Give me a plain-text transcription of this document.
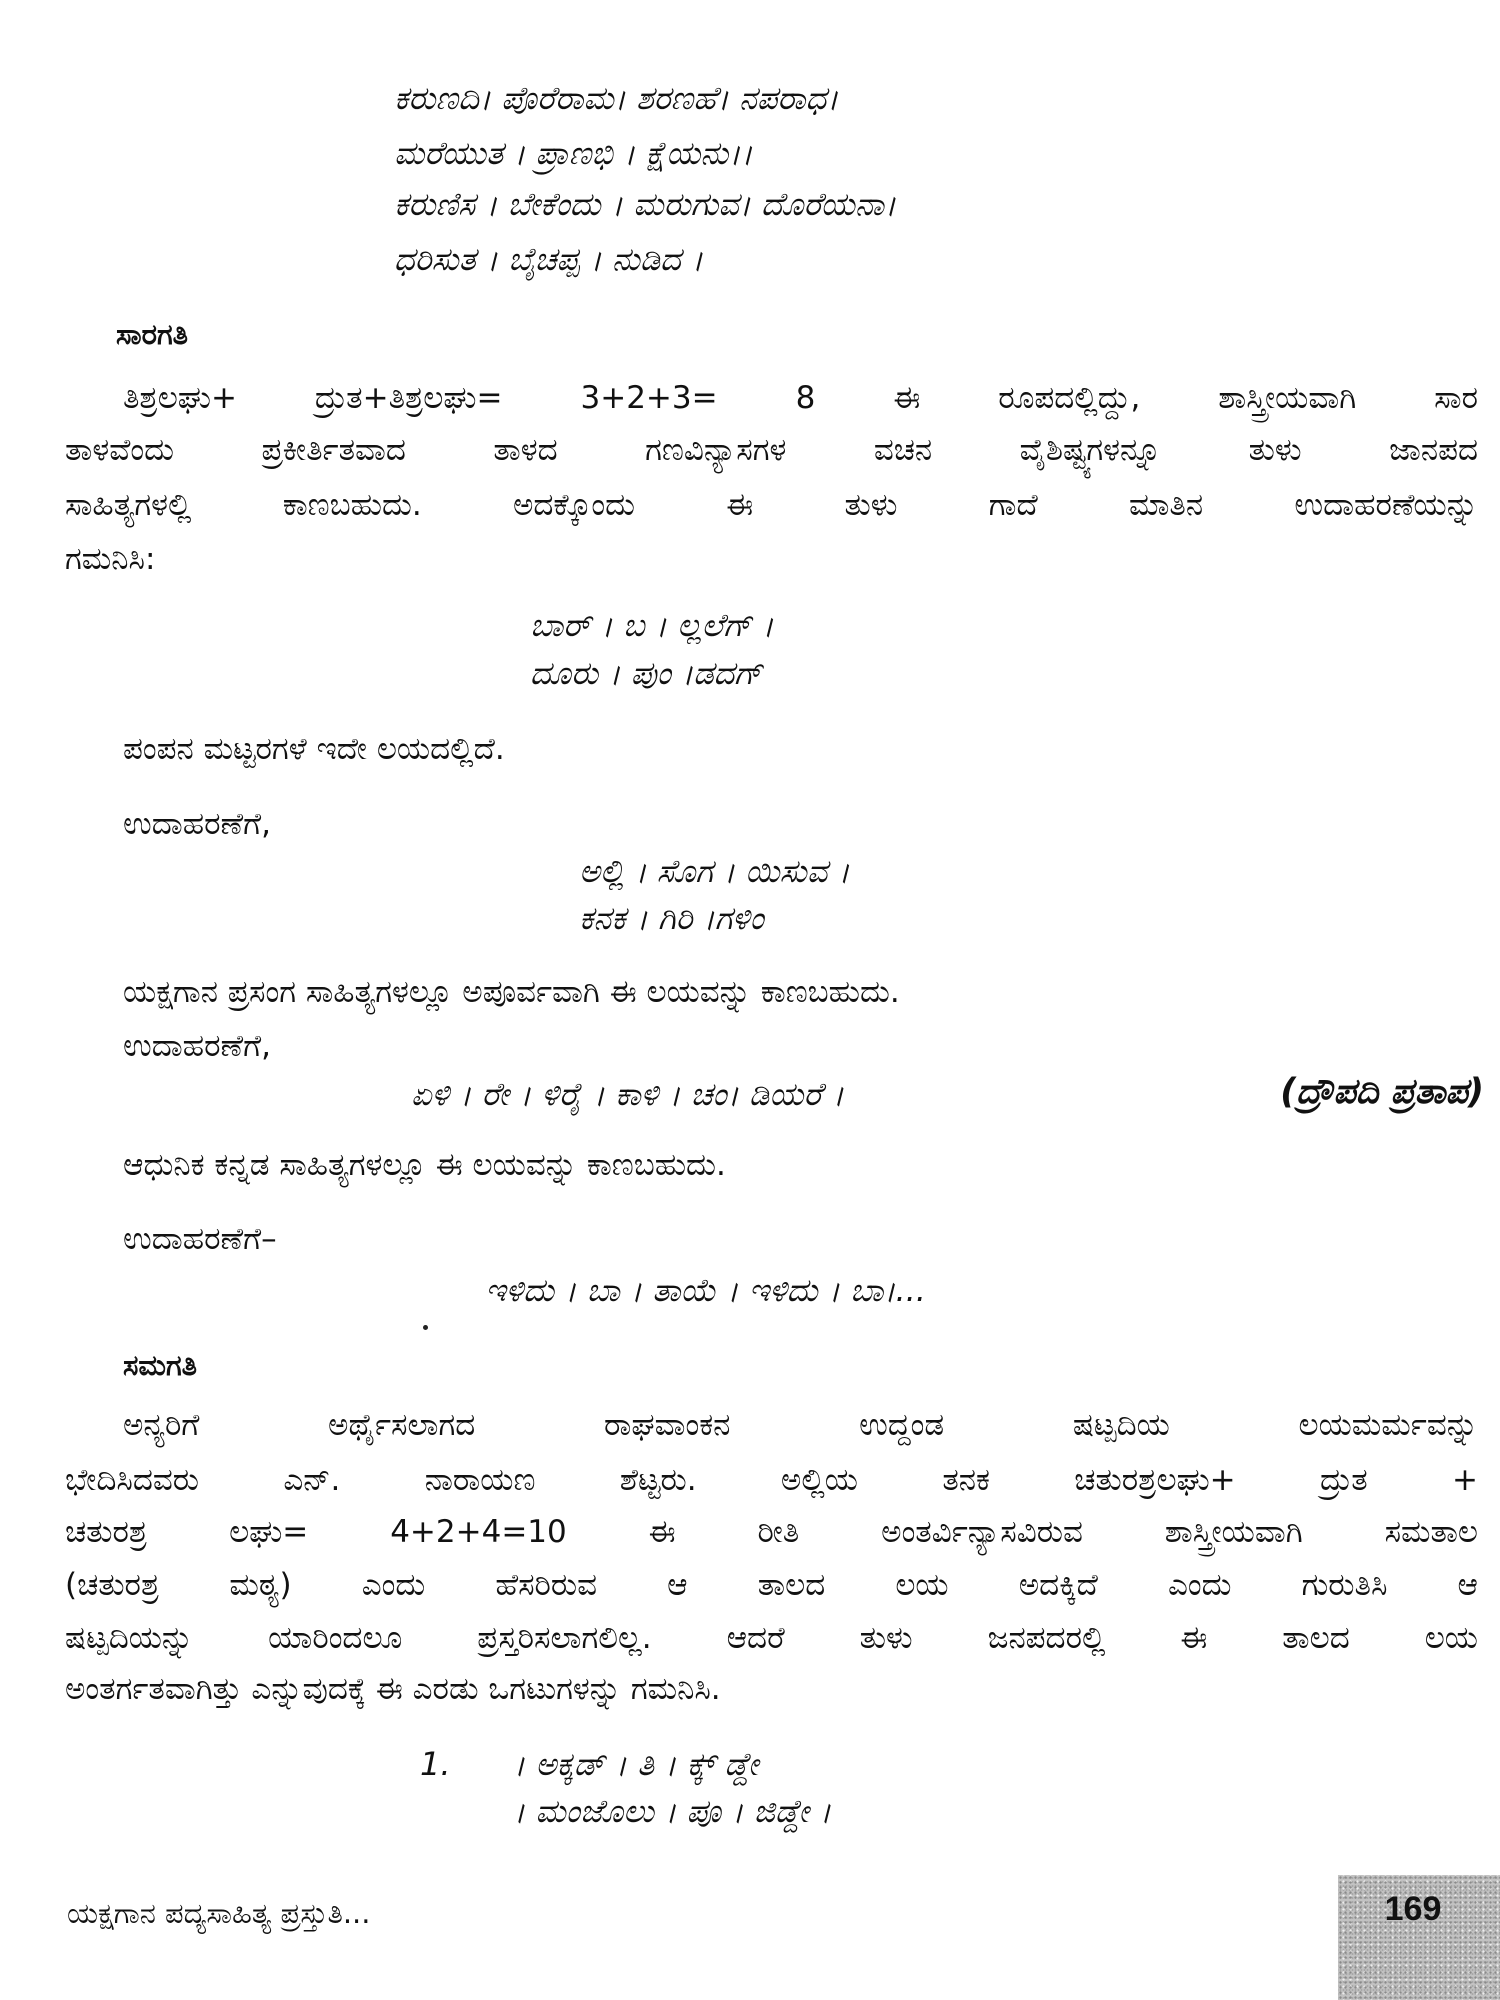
ಕರುಣದಿ। ಪೊರೆರಾಮ। ಶರಣಹೆ। ನಪರಾಧ।
ಮರೆಯುತ । ಪ್ರಾಣಭಿ । ಕ್ಷೆಯನು।।
ಕರುಣಿಸ । ಬೇಕೆಂದು । ಮರುಗುವ। ದೊರೆಯನಾ।
ಧರಿಸುತ । ಬೈಚಪ್ಪ । ನುಡಿದ ।
ಸಾರಗತಿ
ತಿಶ್ರಲಘು+ ದ್ರುತ+ತಿಶ್ರಲಘು= 3+2+3= 8 ಈ ರೂಪದಲ್ಲಿದ್ದು, ಶಾಸ್ತ್ರೀಯವಾಗಿ ಸಾರ
ತಾಳವೆಂದು ಪ್ರಕೀರ್ತಿತವಾದ ತಾಳದ ಗಣವಿನ್ಯಾಸಗಳ ವಚನ ವೈಶಿಷ್ಟ್ಯಗಳನ್ನೂ ತುಳು ಜಾನಪದ
ಸಾಹಿತ್ಯಗಳಲ್ಲಿ ಕಾಣಬಹುದು. ಅದಕ್ಕೊಂದು ಈ ತುಳು ಗಾದೆ ಮಾತಿನ ಉದಾಹರಣೆಯನ್ನು
ಗಮನಿಸಿ:
ಬಾರ್ । ಬ । ಲ್ಲಲೆಗ್ ।
ದೂರು । ಪುಂ ।ಡದಗ್
ಪಂಪನ ಮಟ್ಟರಗಳೆ ಇದೇ ಲಯದಲ್ಲಿದೆ.
ಉದಾಹರಣೆಗೆ,
ಅಲ್ಲಿ । ಸೊಗ । ಯಿಸುವ ।
ಕನಕ । ಗಿರಿ ।ಗಳಿಂ
ಯಕ್ಷಗಾನ ಪ್ರಸಂಗ ಸಾಹಿತ್ಯಗಳಲ್ಲೂ ಅಪೂರ್ವವಾಗಿ ಈ ಲಯವನ್ನು ಕಾಣಬಹುದು.
ಉದಾಹರಣೆಗೆ,
ಏಳಿ । ರೇ । ಳಿರೈ । ಕಾಳಿ । ಚಂ। ಡಿಯರೆ ।	(ದ್ರೌಪದಿ ಪ್ರತಾಪ)
ಆಧುನಿಕ ಕನ್ನಡ ಸಾಹಿತ್ಯಗಳಲ್ಲೂ ಈ ಲಯವನ್ನು ಕಾಣಬಹುದು.
ಉದಾಹರಣೆಗೆ–
ಇಳಿದು । ಬಾ । ತಾಯೆ । ಇಳಿದು । ಬಾ।...
ಸಮಗತಿ
ಅನ್ಯರಿಗೆ ಅರ್ಥೈಸಲಾಗದ ರಾಘವಾಂಕನ ಉದ್ದಂಡ ಷಟ್ಪದಿಯ ಲಯಮರ್ಮವನ್ನು
ಭೇದಿಸಿದವರು ಎನ್. ನಾರಾಯಣ ಶೆಟ್ಟರು. ಅಲ್ಲಿಯ ತನಕ ಚತುರಶ್ರಲಘು+ ದ್ರುತ +
ಚತುರಶ್ರ ಲಘು= 4+2+4=10 ಈ ರೀತಿ ಅಂತರ್ವಿನ್ಯಾಸವಿರುವ ಶಾಸ್ತ್ರೀಯವಾಗಿ ಸಮತಾಲ
(ಚತುರಶ್ರ ಮಠ್ಯ) ಎಂದು ಹೆಸರಿರುವ ಆ ತಾಲದ ಲಯ ಅದಕ್ಕಿದೆ ಎಂದು ಗುರುತಿಸಿ ಆ
ಷಟ್ಪದಿಯನ್ನು ಯಾರಿಂದಲೂ ಪ್ರಸ್ತರಿಸಲಾಗಲಿಲ್ಲ. ಆದರೆ ತುಳು ಜನಪದರಲ್ಲಿ ಈ ತಾಲದ ಲಯ
ಅಂತರ್ಗತವಾಗಿತ್ತು ಎನ್ನುವುದಕ್ಕೆ ಈ ಎರಡು ಒಗಟುಗಳನ್ನು ಗಮನಿಸಿ.
1. । ಅಕ್ಕಡ್ । ತಿ । ಕ್ಕ್ ಡ್ದೇ
। ಮಂಜೊಲು । ಪೂ । ಜಿಡ್ದೇ ।
ಯಕ್ಷಗಾನ ಪದ್ಯಸಾಹಿತ್ಯ ಪ್ರಸ್ತುತಿ...	169
